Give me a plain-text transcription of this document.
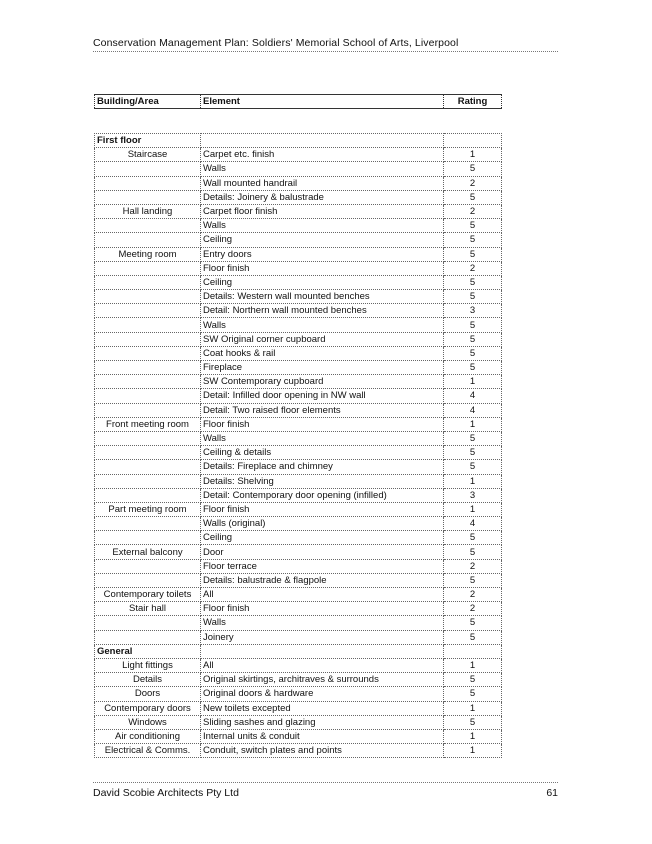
Conservation Management Plan: Soldiers' Memorial School of Arts, Liverpool
Building/Area	Element	Rating
First floor		
Staircase	Carpet etc. finish	1
	Walls	5
	Wall mounted handrail	2
	Details: Joinery & balustrade	5
Hall landing	Carpet floor finish	2
	Walls	5
	Ceiling	5
Meeting room	Entry doors	5
	Floor finish	2
	Ceiling	5
	Details: Western wall mounted benches	5
	Detail: Northern wall mounted benches	3
	Walls	5
	SW Original corner cupboard	5
	Coat hooks & rail	5
	Fireplace	5
	SW Contemporary cupboard	1
	Detail: Infilled door opening in NW wall	4
	Detail: Two raised floor elements	4
Front meeting room	Floor finish	1
	Walls	5
	Ceiling & details	5
	Details: Fireplace and chimney	5
	Details: Shelving	1
	Detail: Contemporary door opening (infilled)	3
Part meeting room	Floor finish	1
	Walls (original)	4
	Ceiling	5
External balcony	Door	5
	Floor terrace	2
	Details: balustrade & flagpole	5
Contemporary toilets	All	2
Stair hall	Floor finish	2
	Walls	5
	Joinery	5
General		
Light fittings	All	1
Details	Original skirtings, architraves & surrounds	5
Doors	Original doors & hardware	5
Contemporary doors	New toilets excepted	1
Windows	Sliding sashes and glazing	5
Air conditioning	Internal units & conduit	1
Electrical & Comms.	Conduit, switch plates and points	1
David Scobie Architects Pty Ltd	61
